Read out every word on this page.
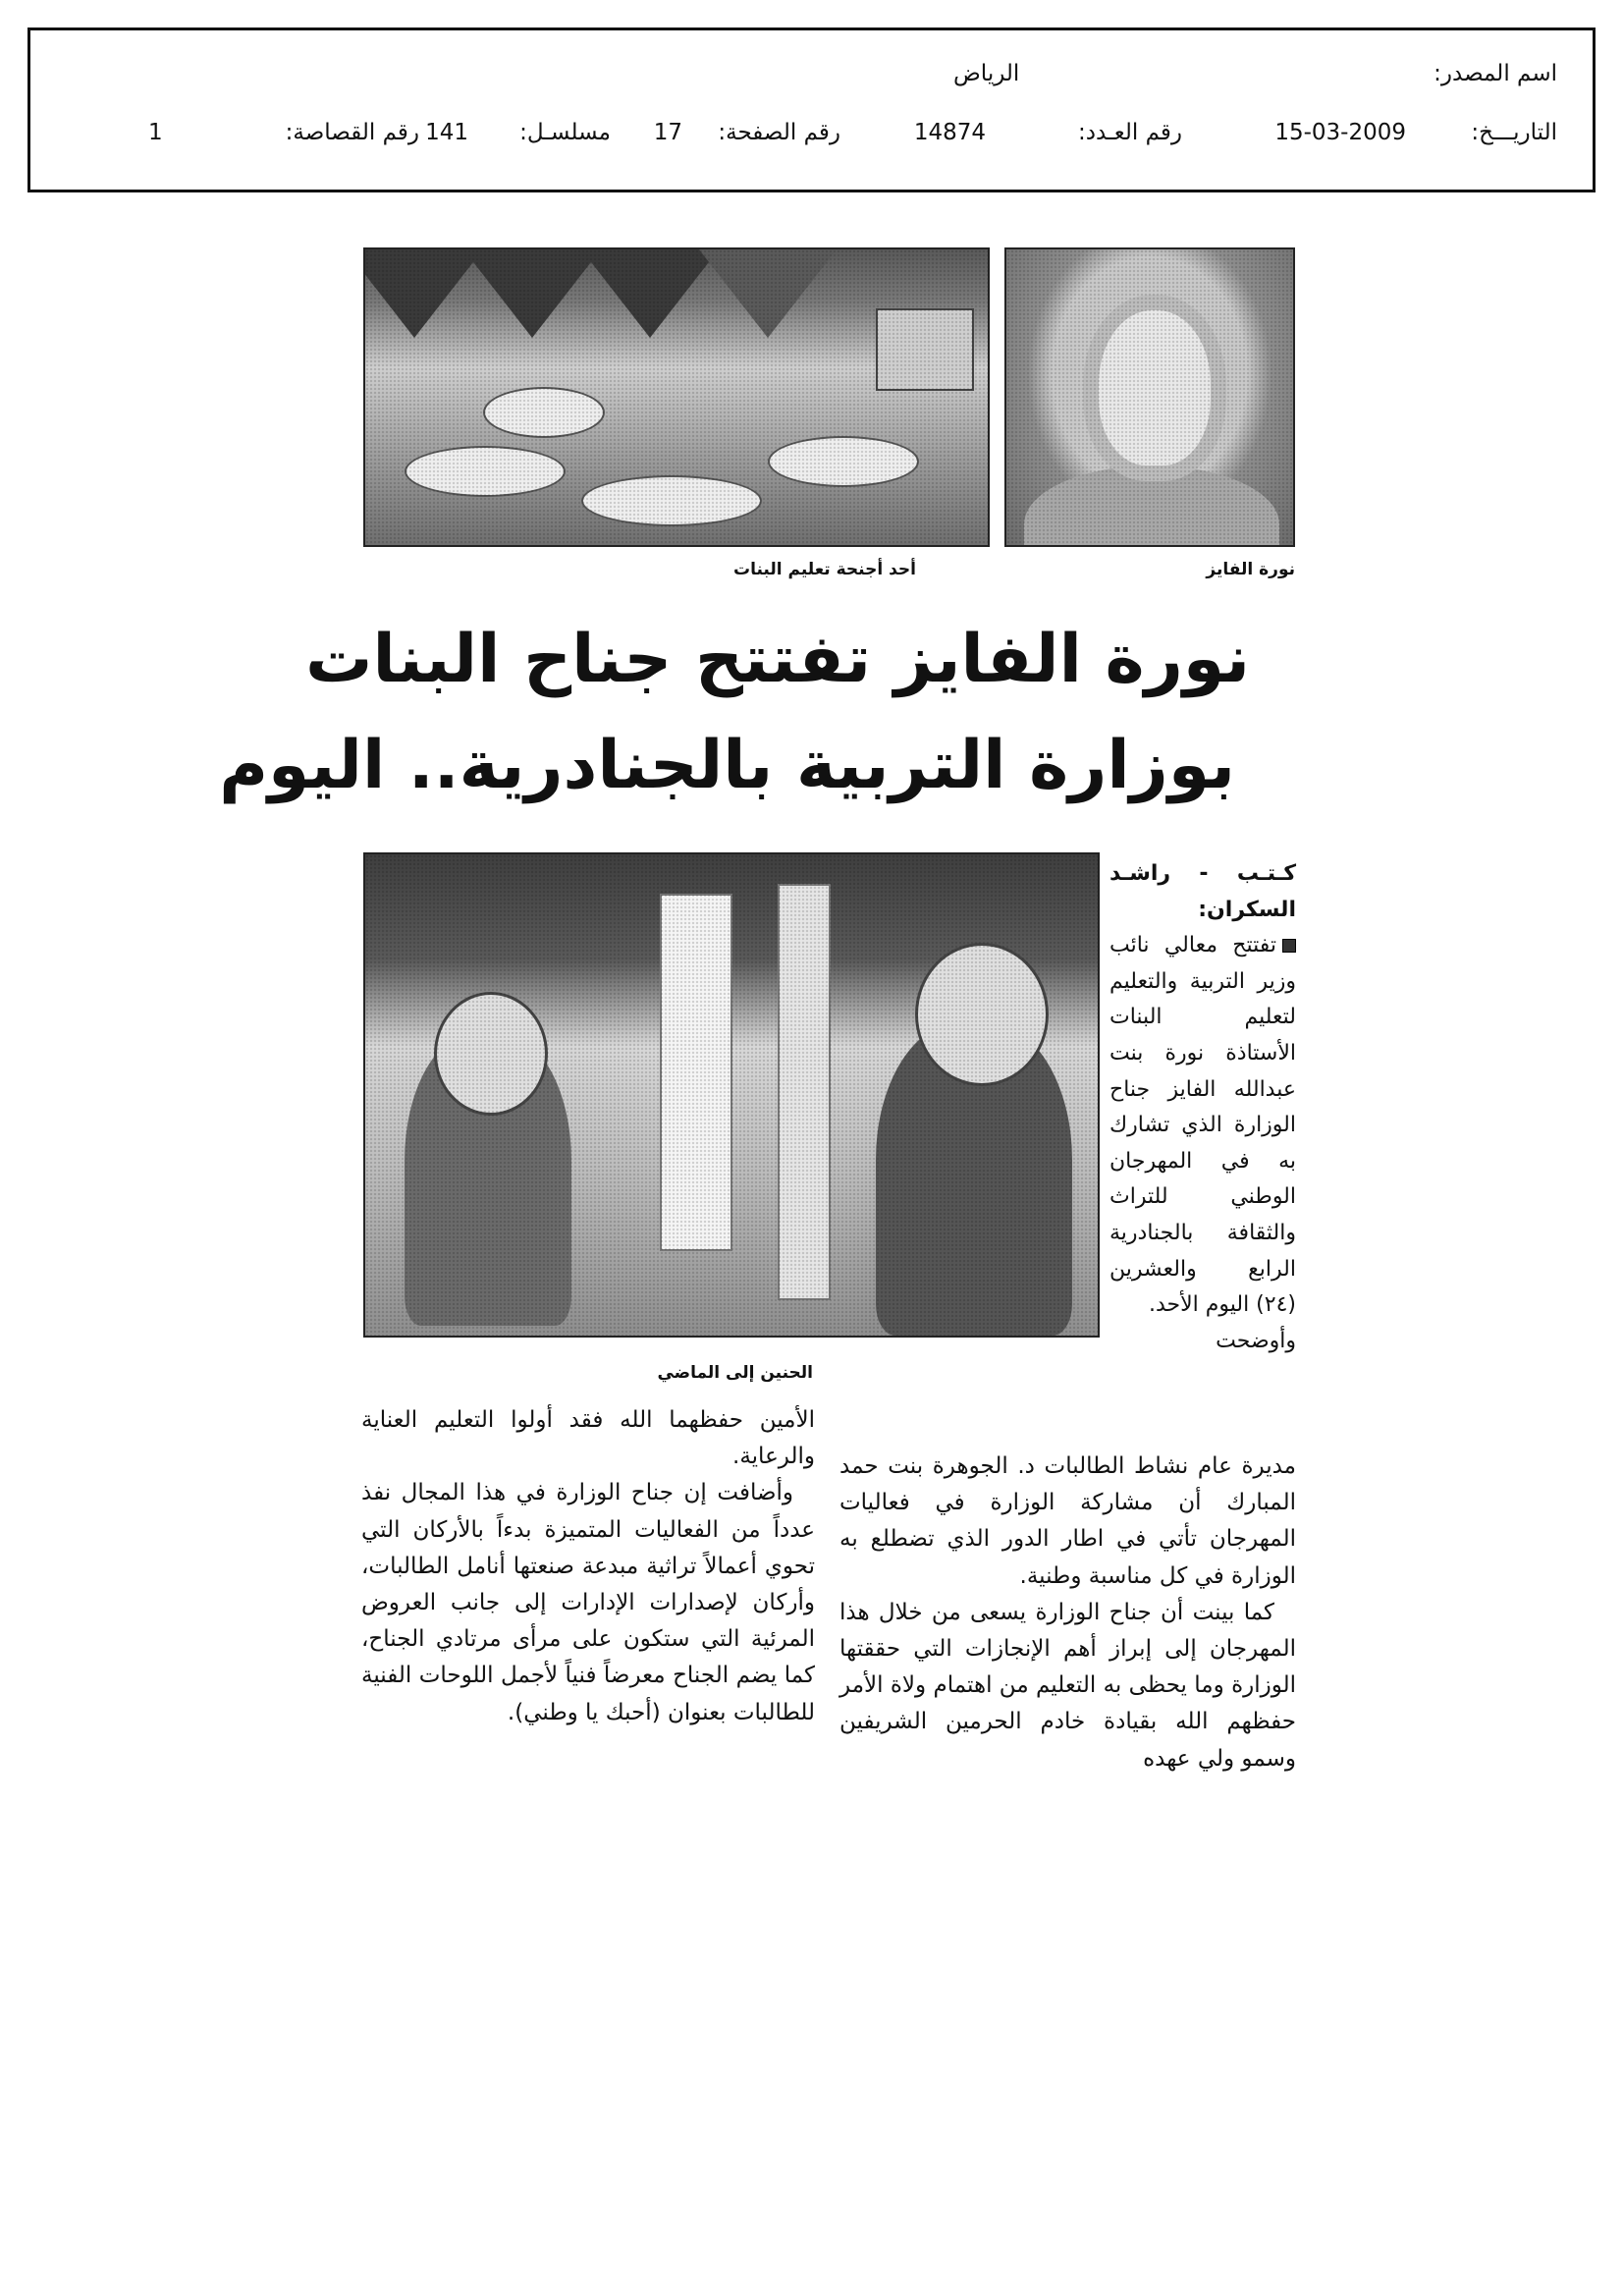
اسم المصدر:
الرياض
التاريـــخ:
15-03-2009
رقم العـدد:
14874
رقم الصفحة:
17
مسلسـل:
141
رقم القصاصة:
1
أحد أجنحة تعليم البنات	نورة الفايز
نورة الفايز تفتتح جناح البنات
بوزارة التربية بالجنادرية.. اليوم
الحنين إلى الماضي

كـتـب - راشـد السكران:

تفتتح معالي نائب وزير التربية والتعليم لتعليم البنات الأستاذة نورة بنت عبدالله الفايز جناح الوزارة الذي تشارك به في المهرجان الوطني للتراث والثقافة بالجنادرية الرابع والعشرين (٢٤) اليوم الأحد.

وأوضحت

مديرة عام نشاط الطالبات د. الجوهرة بنت حمد المبارك أن مشاركة الوزارة في فعاليات المهرجان تأتي في اطار الدور الذي تضطلع به الوزارة في كل مناسبة وطنية.

كما بينت أن جناح الوزارة يسعى من خلال هذا المهرجان إلى إبراز أهم الإنجازات التي حققتها الوزارة وما يحظى به التعليم من اهتمام ولاة الأمر حفظهم الله بقيادة خادم الحرمين الشريفين وسمو ولي عهده

الأمين حفظهما الله فقد أولوا التعليم العناية والرعاية.

وأضافت إن جناح الوزارة في هذا المجال نفذ عدداً من الفعاليات المتميزة بدءاً بالأركان التي تحوي أعمالاً تراثية مبدعة صنعتها أنامل الطالبات، وأركان لإصدارات الإدارات إلى جانب العروض المرئية التي ستكون على مرأى مرتادي الجناح، كما يضم الجناح معرضاً فنياً لأجمل اللوحات الفنية للطالبات بعنوان (أحبك يا وطني).
